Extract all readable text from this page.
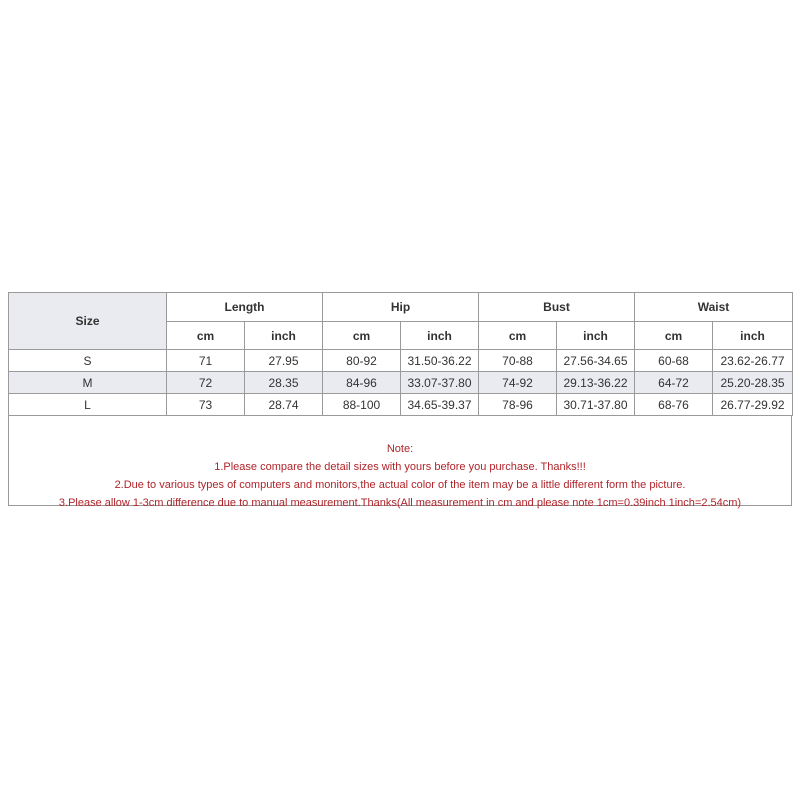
Size	Length		Hip		Bust		Waist	
	cm	inch	cm	inch	cm	inch	cm	inch
S	71	27.95	80-92	31.50-36.22	70-88	27.56-34.65	60-68	23.62-26.77
M	72	28.35	84-96	33.07-37.80	74-92	29.13-36.22	64-72	25.20-28.35
L	73	28.74	88-100	34.65-39.37	78-96	30.71-37.80	68-76	26.77-29.92
Note:
1.Please compare the detail sizes with yours before you purchase. Thanks!!!
2.Due to various types of computers and monitors,the actual color of the item may be a little different form the picture.
3.Please allow 1-3cm difference due to manual measurement.Thanks(All measurement in cm and please note 1cm=0.39inch 1inch=2.54cm)
